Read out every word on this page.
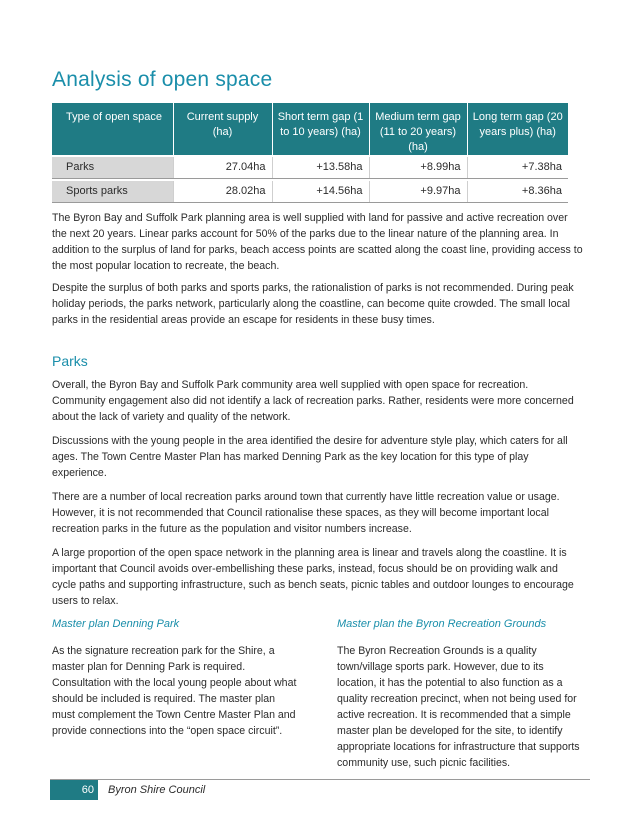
Analysis of open space
Type of open space	Current supply (ha)	Short term gap (1 to 10 years) (ha)	Medium term gap (11 to 20 years) (ha)	Long term gap (20 years plus) (ha)

Parks	27.04ha	+13.58ha	+8.99ha	+7.38ha

Sports parks	28.02ha	+14.56ha	+9.97ha	+8.36ha

The Byron Bay and Suffolk Park planning area is well supplied with land for passive and active recreation over the next 20 years. Linear parks account for 50% of the parks due to the linear nature of the planning area. In addition to the surplus of land for parks, beach access points are scatted along the coast line, providing access to the most popular location to recreate, the beach.

Despite the surplus of both parks and sports parks, the rationalistion of parks is not recommended. During peak holiday periods, the parks network, particularly along the coastline, can become quite crowded. The small local parks in the residential areas provide an escape for residents in these busy times.

Parks

Overall, the Byron Bay and Suffolk Park community area well supplied with open space for recreation. Community engagement also did not identify a lack of recreation parks. Rather, residents were more concerned about the lack of variety and quality of the network.

Discussions with the young people in the area identified the desire for adventure style play, which caters for all ages. The Town Centre Master Plan has marked Denning Park as the key location for this type of play experience.

There are a number of local recreation parks around town that currently have little recreation value or usage. However, it is not recommended that Council rationalise these spaces, as they will become important local recreation parks in the future as the population and visitor numbers increase.

A large proportion of the open space network in the planning area is linear and travels along the coastline. It is important that Council avoids over-embellishing these parks, instead, focus should be on providing walk and cycle paths and supporting infrastructure, such as bench seats, picnic tables and outdoor lounges to encourage users to relax.

Master plan Denning Park

As the signature recreation park for the Shire, a master plan for Denning Park is required. Consultation with the local young people about what should be included is required. The master plan must complement the Town Centre Master Plan and provide connections into the “open space circuit”.

Master plan the Byron Recreation Grounds

The Byron Recreation Grounds is a quality town/village sports park. However, due to its location, it has the potential to also function as a quality recreation precinct, when not being used for active recreation. It is recommended that a simple master plan be developed for the site, to identify appropriate locations for infrastructure that supports community use, such picnic facilities.

60	Byron Shire Council
